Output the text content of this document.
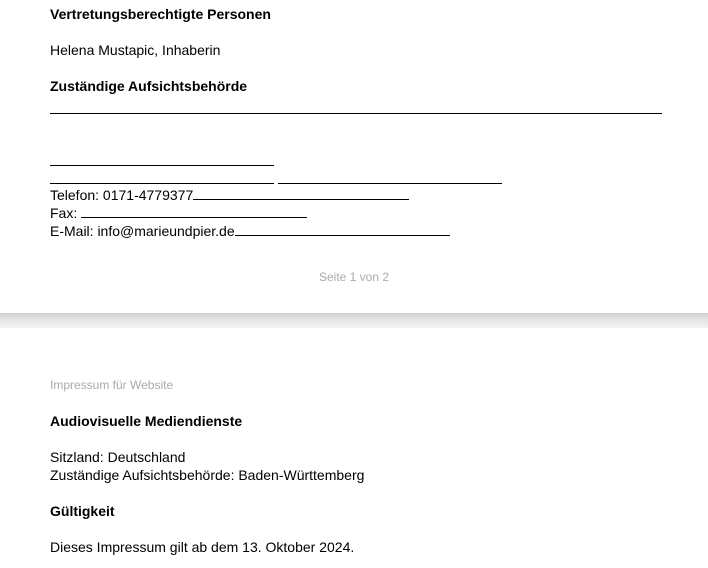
Vertretungsberechtigte Personen
Helena Mustapic, Inhaberin
Zuständige Aufsichtsbehörde
Telefon: 0171-4779377
Fax:
E-Mail: info@marieundpier.de
Seite 1 von 2
Impressum für Website
Audiovisuelle Mediendienste
Sitzland: Deutschland
Zuständige Aufsichtsbehörde: Baden-Württemberg
Gültigkeit
Dieses Impressum gilt ab dem 13. Oktober 2024.
